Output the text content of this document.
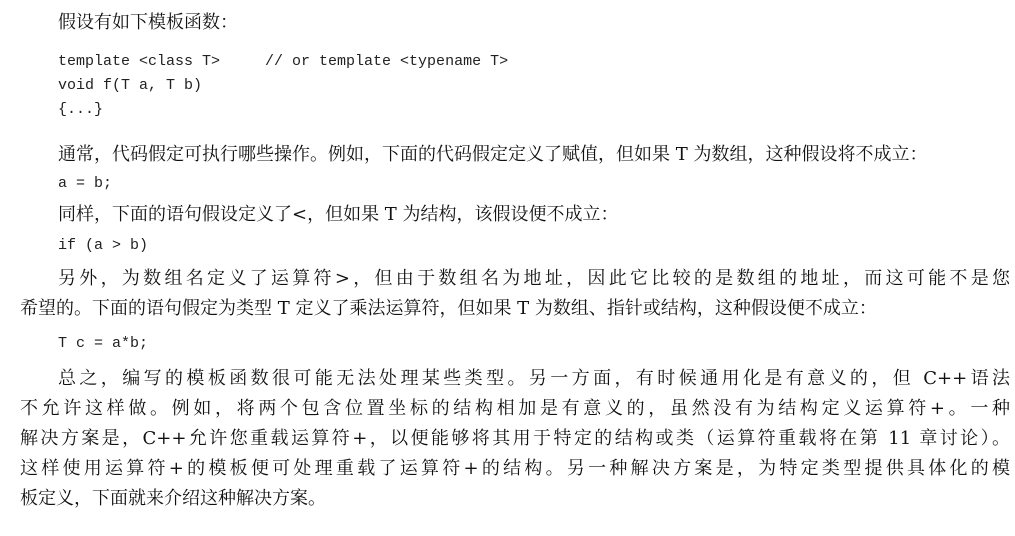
假设有如下模板函数：
template <class T>     // or template <typename T>
void f(T a, T b)
{...}
通常，代码假定可执行哪些操作。例如，下面的代码假定定义了赋值，但如果 T 为数组，这种假设将不成立：
a = b;
同样，下面的语句假设定义了<，但如果 T 为结构，该假设便不成立：
if (a > b)
另外，为数组名定义了运算符>，但由于数组名为地址，因此它比较的是数组的地址，而这可能不是您
希望的。下面的语句假定为类型 T 定义了乘法运算符，但如果 T 为数组、指针或结构，这种假设便不成立：
T c = a*b;
总之，编写的模板函数很可能无法处理某些类型。另一方面，有时候通用化是有意义的，但 C++语法
不允许这样做。例如，将两个包含位置坐标的结构相加是有意义的，虽然没有为结构定义运算符+。一种
解决方案是，C++允许您重载运算符+，以便能够将其用于特定的结构或类（运算符重载将在第 11 章讨论）。
这样使用运算符+的模板便可处理重载了运算符+的结构。另一种解决方案是，为特定类型提供具体化的模
板定义，下面就来介绍这种解决方案。
